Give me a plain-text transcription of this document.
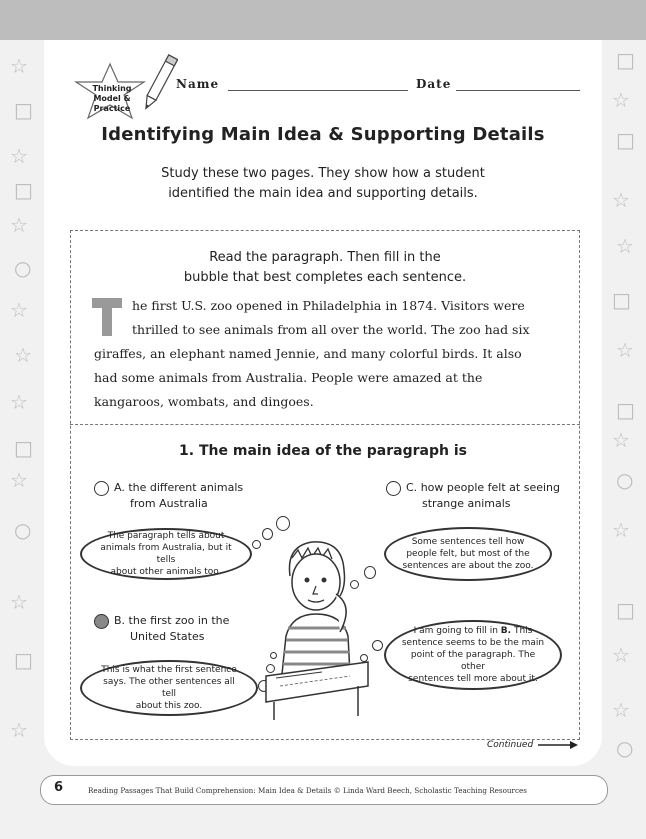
☆
□
☆
□
☆
○
☆
☆
☆
□
☆
○
☆
□
☆
□
☆
□
☆
☆
□
☆
□
☆
○
☆
□
☆
☆
○
Thinking Model & Practice
Name	Date
Identifying Main Idea & Supporting Details
Study these two pages. They show how a student
identified the main idea and supporting details.
Read the paragraph. Then fill in the
bubble that best completes each sentence.
T
he first U.S. zoo opened in Philadelphia in 1874. Visitors were
thrilled to see animals from all over the world. The zoo had six
giraffes, an elephant named Jennie, and many colorful birds. It also
had some animals from Australia. People were amazed at the
kangaroos, wombats, and dingoes.
1. The main idea of the paragraph is
A. the different animals
from Australia
C. how people felt at seeing
strange animals
B. the first zoo in the
United States
The paragraph tells about
animals from Australia, but it tells
about other animals too.
Some sentences tell how
people felt, but most of the
sentences are about the zoo.
This is what the first sentence
says. The other sentences all tell
about this zoo.
I am going to fill in B. This
sentence seems to be the main
point of the paragraph. The other
sentences tell more about it.
Continued
6	Reading Passages That Build Comprehension: Main Idea & Details © Linda Ward Beech, Scholastic Teaching Resources
